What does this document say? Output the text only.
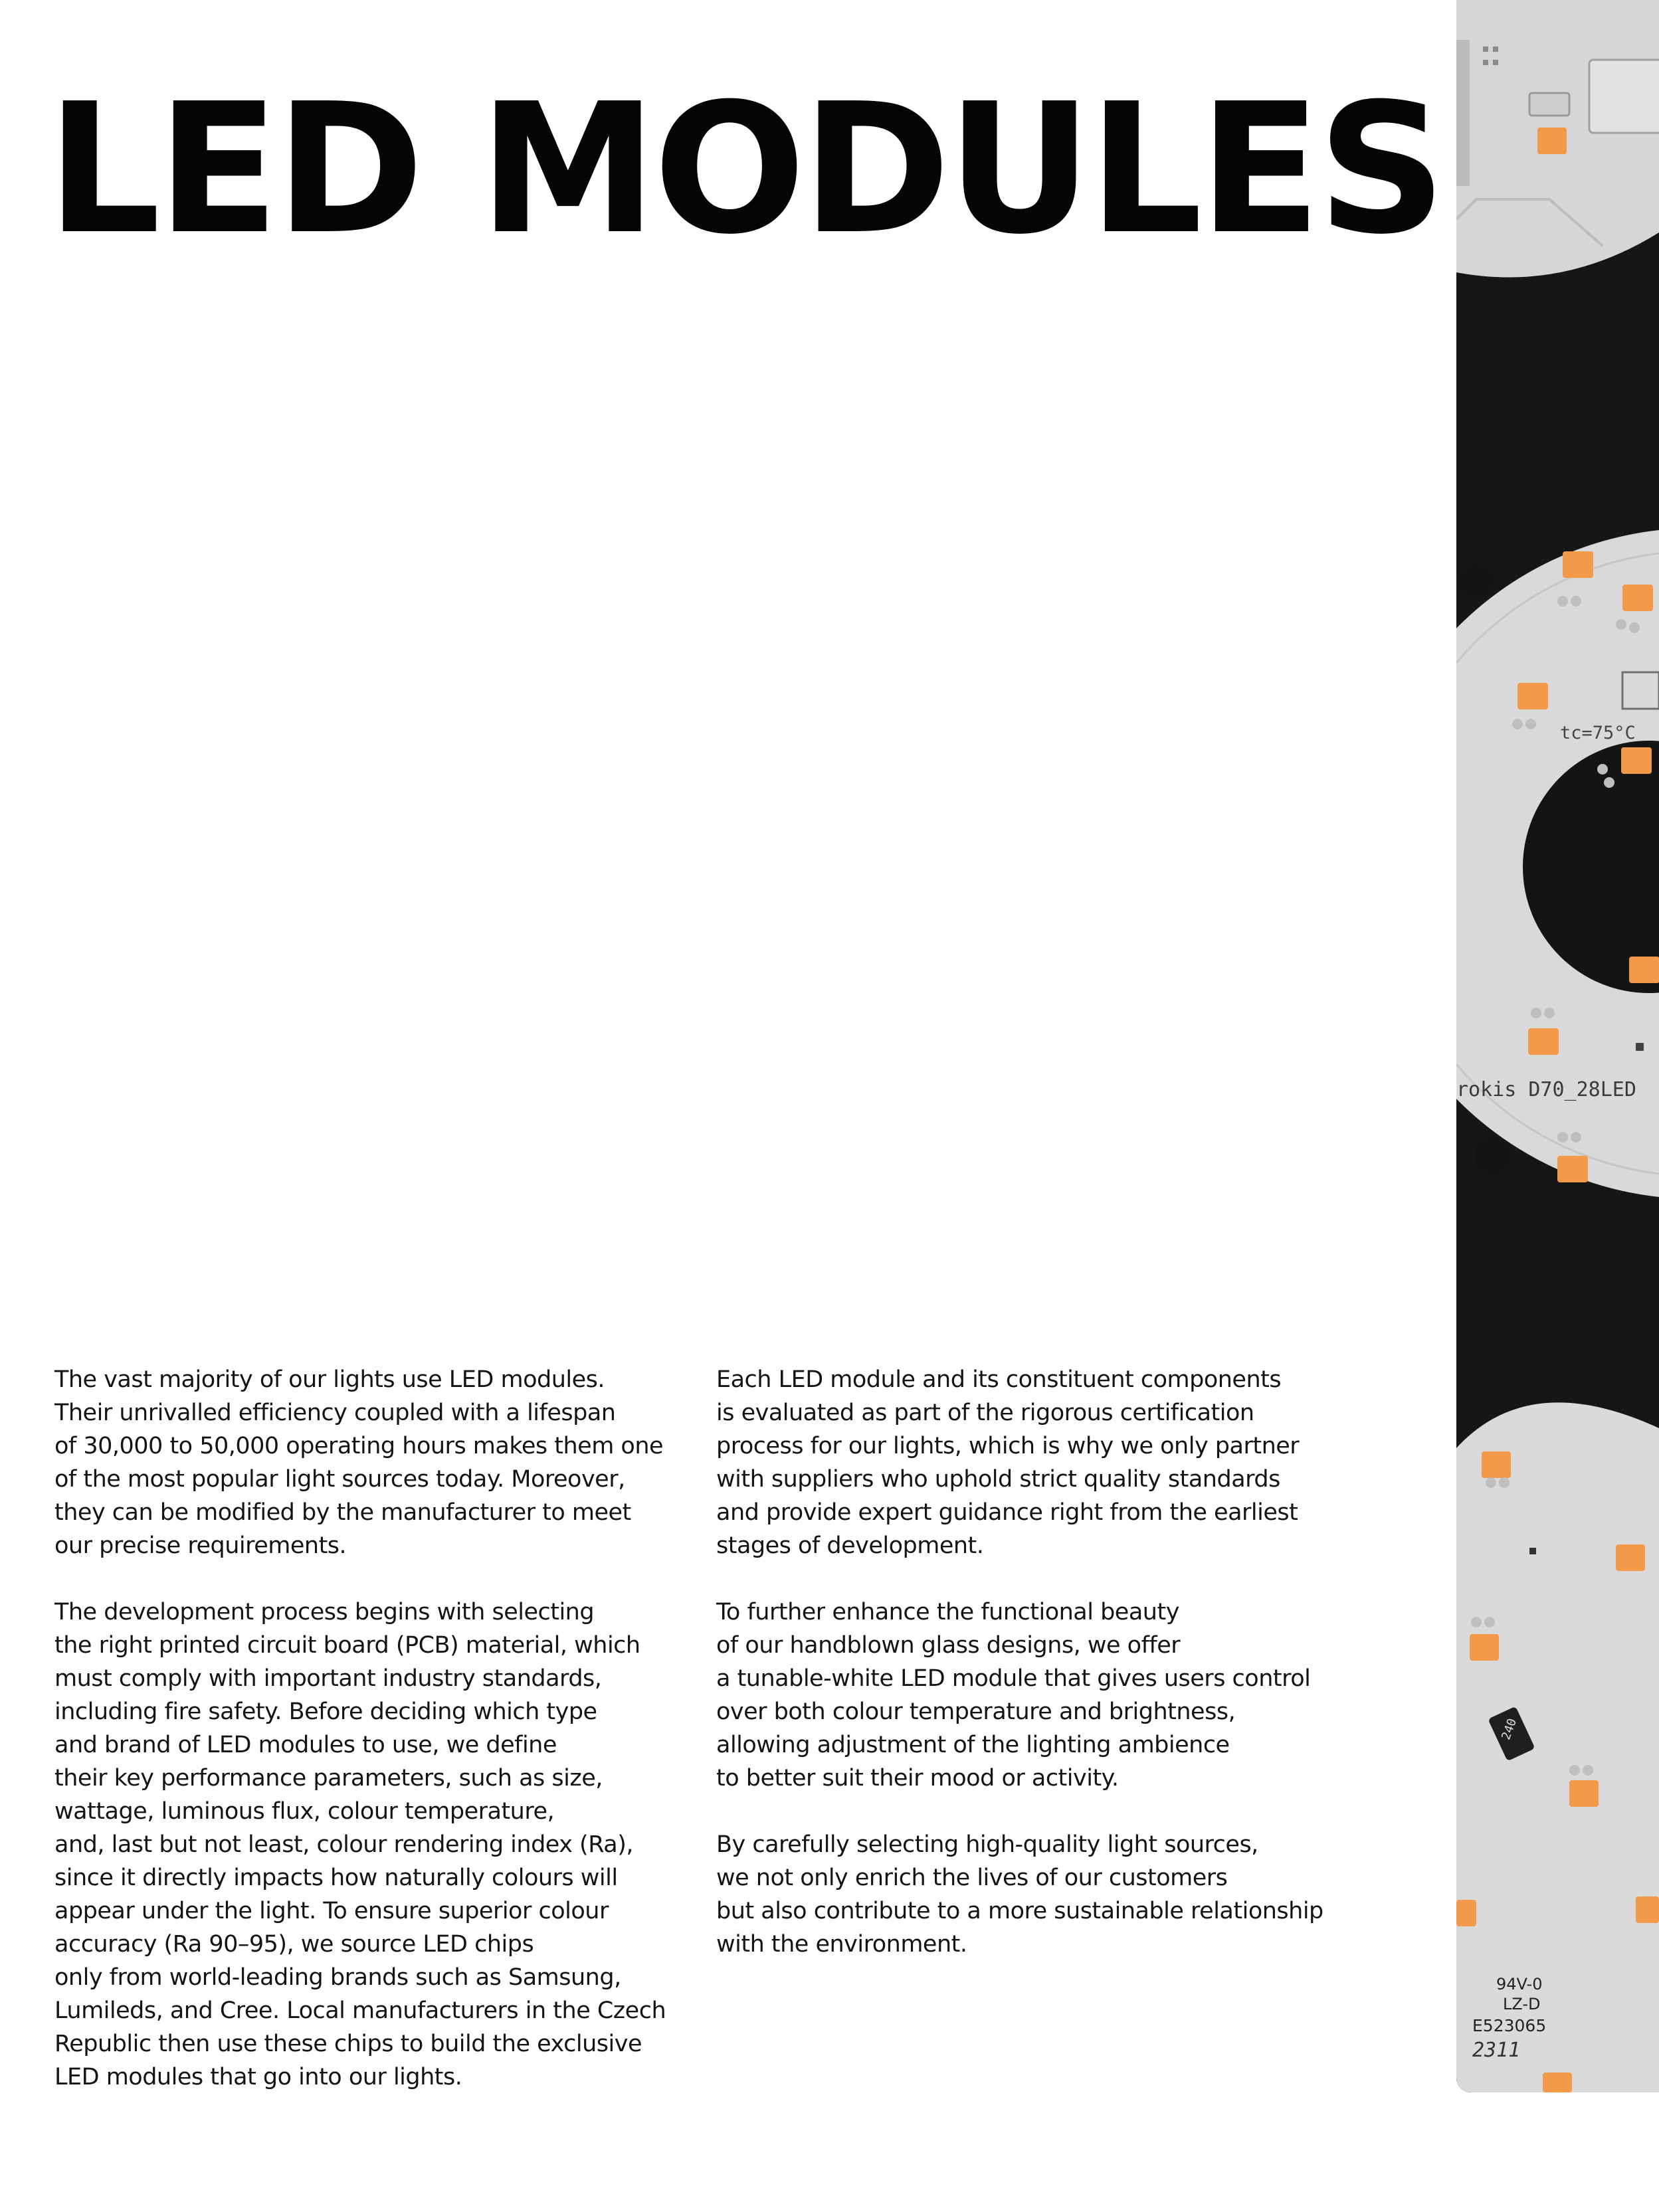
LED MODULES

The vast majority of our lights use LED modules.
Their unrivalled efficiency coupled with a lifespan
of 30,000 to 50,000 operating hours makes them one
of the most popular light sources today. Moreover,
they can be modified by the manufacturer to meet
our precise requirements.

The development process begins with selecting
the right printed circuit board (PCB) material, which
must comply with important industry standards,
including fire safety. Before deciding which type
and brand of LED modules to use, we define
their key performance parameters, such as size,
wattage, luminous flux, colour temperature,
and, last but not least, colour rendering index (Ra),
since it directly impacts how naturally colours will
appear under the light. To ensure superior colour
accuracy (Ra 90–95), we source LED chips
only from world-leading brands such as Samsung,
Lumileds, and Cree. Local manufacturers in the Czech
Republic then use these chips to build the exclusive
LED modules that go into our lights.

Each LED module and its constituent components
is evaluated as part of the rigorous certification
process for our lights, which is why we only partner
with suppliers who uphold strict quality standards
and provide expert guidance right from the earliest
stages of development.

To further enhance the functional beauty
of our handblown glass designs, we offer
a tunable-white LED module that gives users control
over both colour temperature and brightness,
allowing adjustment of the lighting ambience
to better suit their mood or activity.

By carefully selecting high-quality light sources,
we not only enrich the lives of our customers
but also contribute to a more sustainable relationship
with the environment.

tc=75°C
rokis D70_28LED
240
94V-0
LZ-D
E523065
2311
